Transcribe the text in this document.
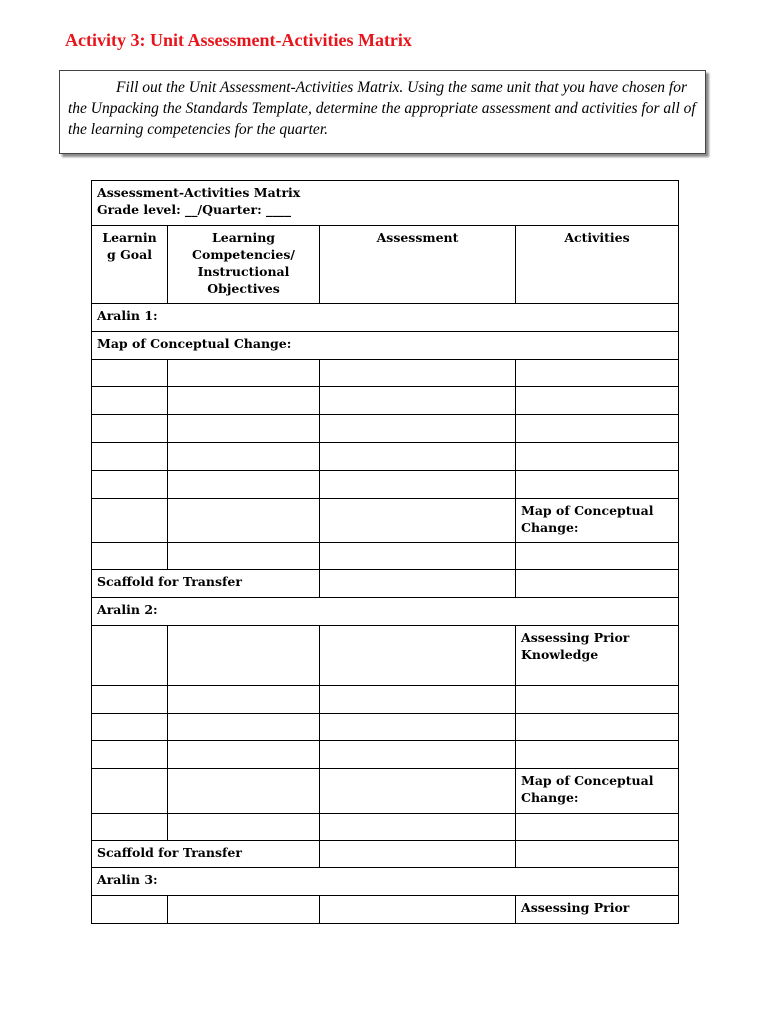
Activity 3: Unit Assessment-Activities Matrix
Fill out the Unit Assessment-Activities Matrix. Using the same unit that you have chosen for the Unpacking the Standards Template, determine the appropriate assessment and activities for all of the learning competencies for the quarter.
Assessment-Activities Matrix
Grade level: __/Quarter: ____			

Learnin g Goal	Learning
Competencies/
Instructional
Objectives	Assessment	Activities
Aralin 1:			
Map of Conceptual Change:			

			Map of Conceptual Change:

Scaffold for Transfer			
Aralin 2:			
			Assessing Prior Knowledge

			Map of Conceptual Change:

Scaffold for Transfer			
Aralin 3:			
			Assessing Prior
